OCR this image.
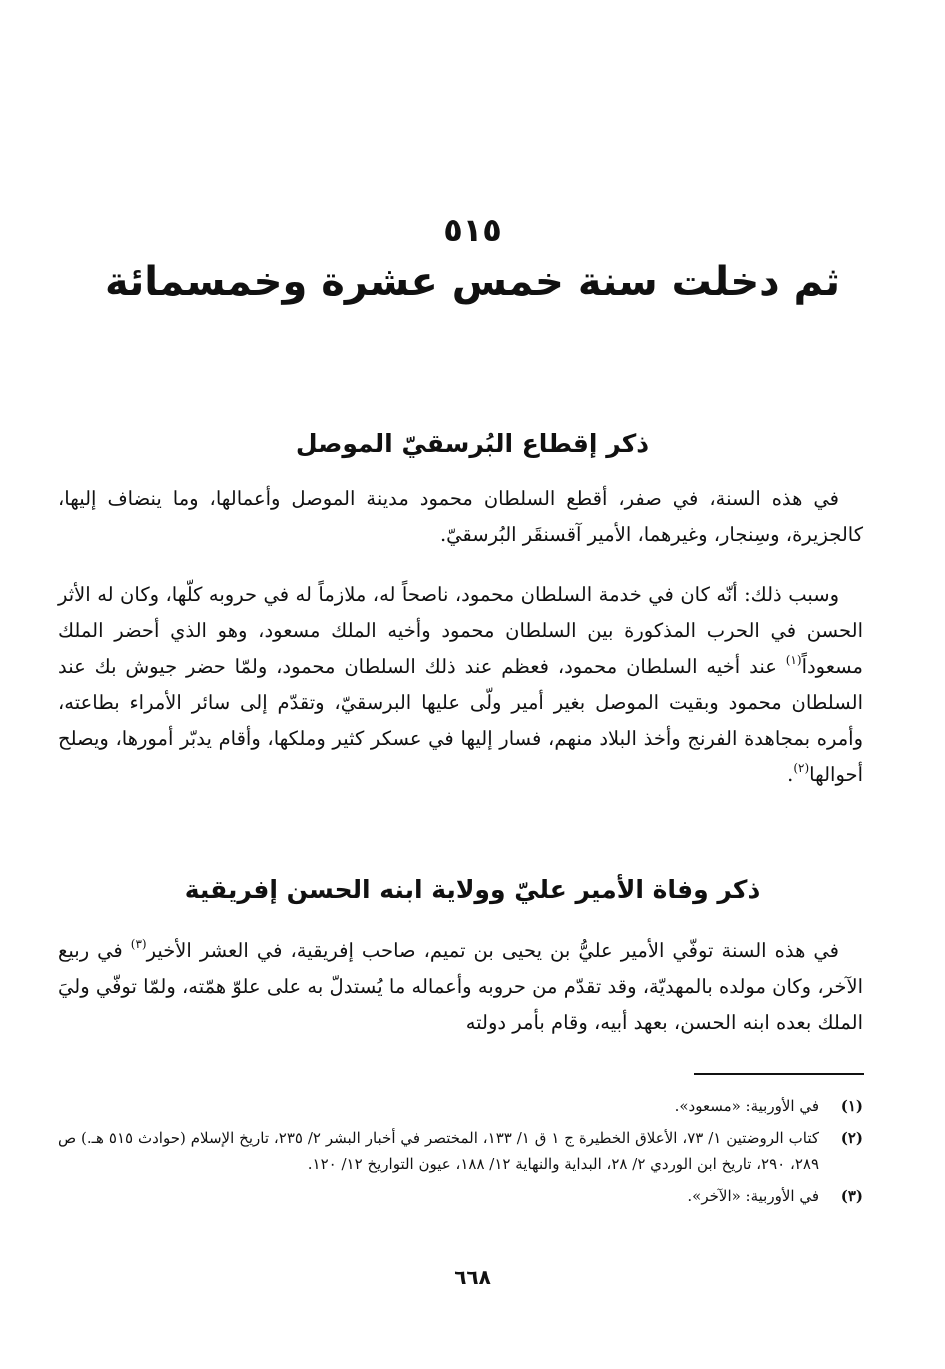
٥١٥
ثم دخلت سنة خمس عشرة وخمسمائة
ذكر إقطاع البُرسقيّ الموصل

في هذه السنة، في صفر، أقطع السلطان محمود مدينة الموصل وأعمالها، وما ينضاف إليها، كالجزيرة، وسِنجار، وغيرهما، الأمير آقسنقَر البُرسقيّ.

وسبب ذلك: أنّه كان في خدمة السلطان محمود، ناصحاً له، ملازماً له في حروبه كلّها، وكان له الأثر الحسن في الحرب المذكورة بين السلطان محمود وأخيه الملك مسعود، وهو الذي أحضر الملك مسعوداً$^{(١)}$ عند أخيه السلطان محمود، فعظم عند ذلك السلطان محمود، ولمّا حضر جيوش بك عند السلطان محمود وبقيت الموصل بغير أمير ولّى عليها البرسقيّ، وتقدّم إلى سائر الأمراء بطاعته، وأمره بمجاهدة الفرنج وأخذ البلاد منهم، فسار إليها في عسكر كثير وملكها، وأقام يدبّر أمورها، ويصلح أحوالها$^{(٢)}$.

ذكر وفاة الأمير عليّ وولاية ابنه الحسن إفريقية

في هذه السنة توفّي الأمير عليُّ بن يحيى بن تميم، صاحب إفريقية، في العشر الأخير$^{(٣)}$ في ربيع الآخر، وكان مولده بالمهديّة، وقد تقدّم من حروبه وأعماله ما يُستدلّ به على علوّ همّته، ولمّا توفّي وليَ الملك بعده ابنه الحسن، بعهد أبيه، وقام بأمر دولته

(١)
في الأوربية: «مسعود».
(٢)
كتاب الروضتين ١/ ٧٣، الأعلاق الخطيرة ج ١ ق ١/ ١٣٣، المختصر في أخبار البشر ٢/ ٢٣٥، تاريخ الإسلام (حوادث ٥١٥ هـ.) ص ٢٨٩، ٢٩٠، تاريخ ابن الوردي ٢/ ٢٨، البداية والنهاية ١٢/ ١٨٨، عيون التواريخ ١٢/ ١٢٠.
(٣)
في الأوربية: «الآخر».
٦٦٨
